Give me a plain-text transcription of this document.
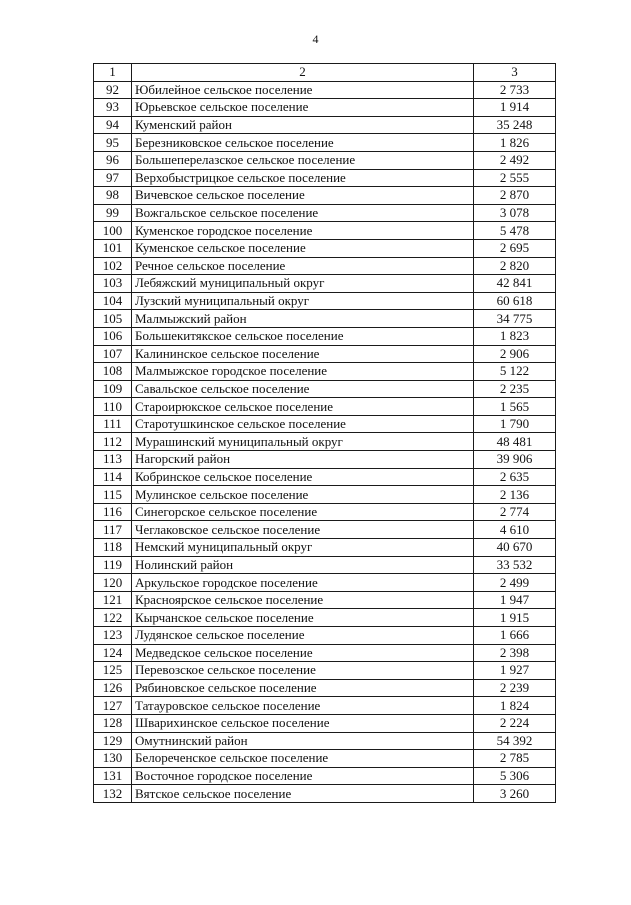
4
1	2	3
92	Юбилейное сельское поселение	2 733
93	Юрьевское сельское поселение	1 914
94	Куменский район	35 248
95	Березниковское сельское поселение	1 826
96	Большеперелазское сельское поселение	2 492
97	Верхобыстрицкое сельское поселение	2 555
98	Вичевское сельское поселение	2 870
99	Вожгальское сельское поселение	3 078
100	Куменское городское поселение	5 478
101	Куменское сельское поселение	2 695
102	Речное сельское поселение	2 820
103	Лебяжский муниципальный округ	42 841
104	Лузский муниципальный округ	60 618
105	Малмыжский район	34 775
106	Большекитякское сельское поселение	1 823
107	Калининское сельское поселение	2 906
108	Малмыжское городское поселение	5 122
109	Савальское сельское поселение	2 235
110	Староирюкское сельское поселение	1 565
111	Старотушкинское сельское поселение	1 790
112	Мурашинский муниципальный округ	48 481
113	Нагорский район	39 906
114	Кобринское сельское поселение	2 635
115	Мулинское сельское поселение	2 136
116	Синегорское сельское поселение	2 774
117	Чеглаковское сельское поселение	4 610
118	Немский муниципальный округ	40 670
119	Нолинский район	33 532
120	Аркульское городское поселение	2 499
121	Красноярское сельское поселение	1 947
122	Кырчанское сельское поселение	1 915
123	Лудянское сельское поселение	1 666
124	Медведское сельское поселение	2 398
125	Перевозское сельское поселение	1 927
126	Рябиновское сельское поселение	2 239
127	Татауровское сельское поселение	1 824
128	Шварихинское сельское поселение	2 224
129	Омутнинский район	54 392
130	Белореченское сельское поселение	2 785
131	Восточное городское поселение	5 306
132	Вятское сельское поселение	3 260
